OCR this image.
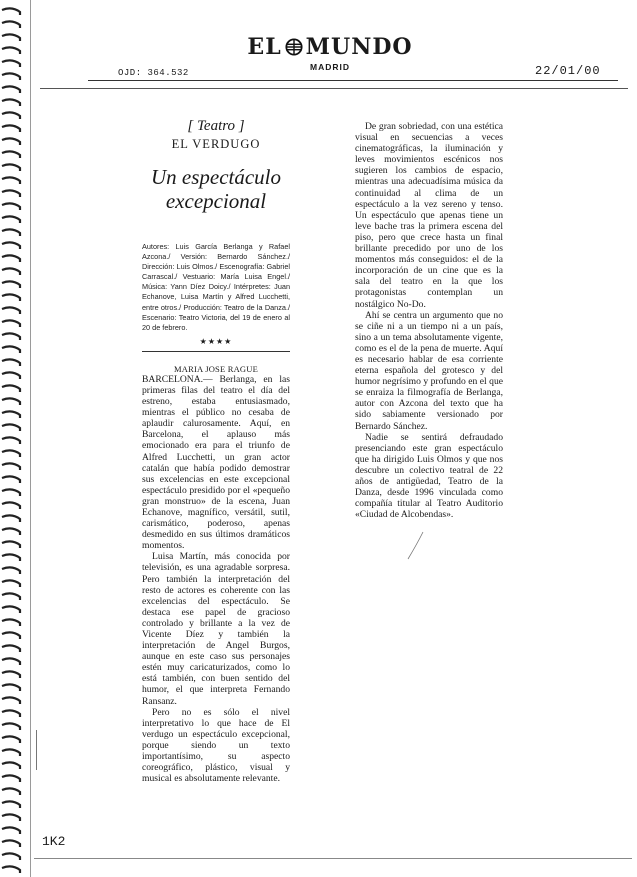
EL MUNDO
MADRID
OJD: 364.532	22/01/00
[ Teatro ]
EL VERDUGO
Un espectáculo excepcional
Autores: Luis García Berlanga y Rafael Azcona./ Versión: Bernardo Sánchez./ Dirección: Luis Olmos./ Escenografía: Gabriel Carrascal./ Vestuario: María Luisa Engel./ Música: Yann Díez Doicy./ Intérpretes: Juan Echanove, Luisa Martín y Alfred Lucchetti, entre otros./ Producción: Teatro de la Danza./ Escenario: Teatro Victoria, del 19 de enero al 20 de febrero.
★★★★
MARIA JOSE RAGUE

BARCELONA.— Berlanga, en las primeras filas del teatro el día del estreno, estaba entusiasmado, mientras el público no cesaba de aplaudir calurosamente. Aquí, en Barcelona, el aplauso más emocionado era para el triunfo de Alfred Lucchetti, un gran actor catalán que había podido demostrar sus excelencias en este excepcional espectáculo presidido por el «pequeño gran monstruo» de la escena, Juan Echanove, magnífico, versátil, sutil, carismático, poderoso, apenas desmedido en sus últimos dramáticos momentos.

Luisa Martín, más conocida por televisión, es una agradable sorpresa. Pero también la interpretación del resto de actores es coherente con las excelencias del espectáculo. Se destaca ese papel de gracioso controlado y brillante a la vez de Vicente Díez y también la interpretación de Angel Burgos, aunque en este caso sus personajes estén muy caricaturizados, como lo está también, con buen sentido del humor, el que interpreta Fernando Ransanz.

Pero no es sólo el nivel interpretativo lo que hace de El verdugo un espectáculo excepcional, porque siendo un texto importantísimo, su aspecto coreográfico, plástico, visual y musical es absolutamente relevante.

De gran sobriedad, con una estética visual en secuencias a veces cinematográficas, la iluminación y leves movimientos escénicos nos sugieren los cambios de espacio, mientras una adecuadísima música da continuidad al clima de un espectáculo a la vez sereno y tenso. Un espectáculo que apenas tiene un leve bache tras la primera escena del piso, pero que crece hasta un final brillante precedido por uno de los momentos más conseguidos: el de la incorporación de un cine que es la sala del teatro en la que los protagonistas contemplan un nostálgico No-Do.

Ahí se centra un argumento que no se ciñe ni a un tiempo ni a un país, sino a un tema absolutamente vigente, como es el de la pena de muerte. Aquí es necesario hablar de esa corriente eterna española del grotesco y del humor negrísimo y profundo en el que se enraiza la filmografía de Berlanga, autor con Azcona del texto que ha sido sabiamente versionado por Bernardo Sánchez.

Nadie se sentirá defraudado presenciando este gran espectáculo que ha dirigido Luis Olmos y que nos descubre un colectivo teatral de 22 años de antigüedad, Teatro de la Danza, desde 1996 vinculada como compañía titular al Teatro Auditorio «Ciudad de Alcobendas».

1K2
